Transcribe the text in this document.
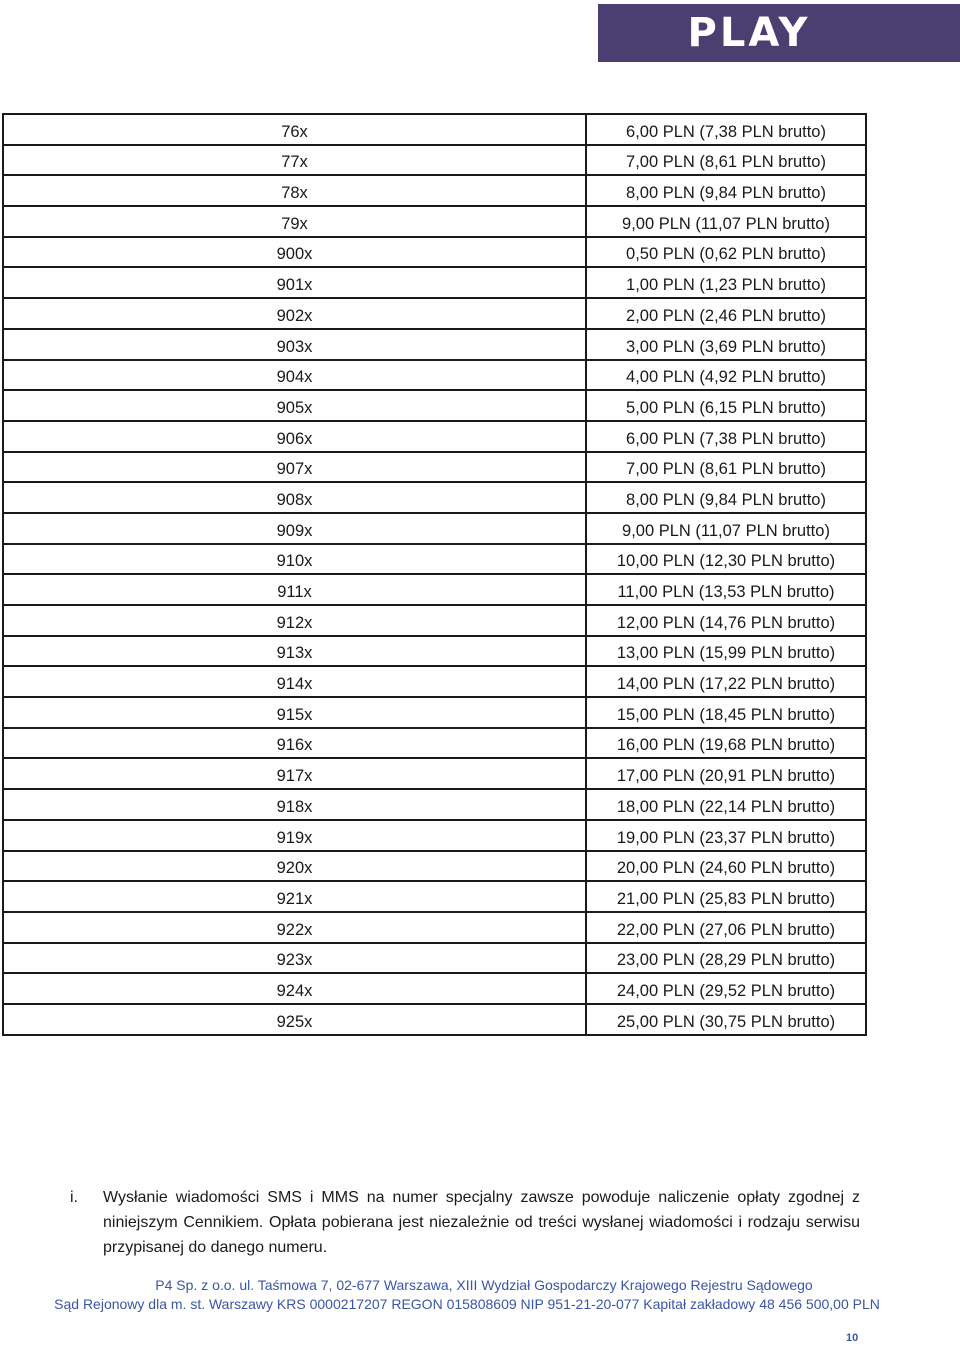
PLAY
76x	6,00 PLN (7,38 PLN brutto)
77x	7,00 PLN (8,61 PLN brutto)
78x	8,00 PLN (9,84 PLN brutto)
79x	9,00 PLN (11,07 PLN brutto)
900x	0,50 PLN (0,62 PLN brutto)
901x	1,00 PLN (1,23 PLN brutto)
902x	2,00 PLN (2,46 PLN brutto)
903x	3,00 PLN (3,69 PLN brutto)
904x	4,00 PLN (4,92 PLN brutto)
905x	5,00 PLN (6,15 PLN brutto)
906x	6,00 PLN (7,38 PLN brutto)
907x	7,00 PLN (8,61 PLN brutto)
908x	8,00 PLN (9,84 PLN brutto)
909x	9,00 PLN (11,07 PLN brutto)
910x	10,00 PLN (12,30 PLN brutto)
911x	11,00 PLN (13,53 PLN brutto)
912x	12,00 PLN (14,76 PLN brutto)
913x	13,00 PLN (15,99 PLN brutto)
914x	14,00 PLN (17,22 PLN brutto)
915x	15,00 PLN (18,45 PLN brutto)
916x	16,00 PLN (19,68 PLN brutto)
917x	17,00 PLN (20,91 PLN brutto)
918x	18,00 PLN (22,14 PLN brutto)
919x	19,00 PLN (23,37 PLN brutto)
920x	20,00 PLN (24,60 PLN brutto)
921x	21,00 PLN (25,83 PLN brutto)
922x	22,00 PLN (27,06 PLN brutto)
923x	23,00 PLN (28,29 PLN brutto)
924x	24,00 PLN (29,52 PLN brutto)
925x	25,00 PLN (30,75 PLN brutto)
i. Wysłanie wiadomości SMS i MMS na numer specjalny zawsze powoduje naliczenie opłaty zgodnej z niniejszym Cennikiem. Opłata pobierana jest niezależnie od treści wysłanej wiadomości i rodzaju serwisu przypisanej do danego numeru.
P4 Sp. z o.o. ul. Taśmowa 7, 02-677 Warszawa, XIII Wydział Gospodarczy Krajowego Rejestru Sądowego
Sąd Rejonowy dla m. st. Warszawy KRS 0000217207 REGON 015808609 NIP 951-21-20-077 Kapitał zakładowy 48 456 500,00 PLN
10
